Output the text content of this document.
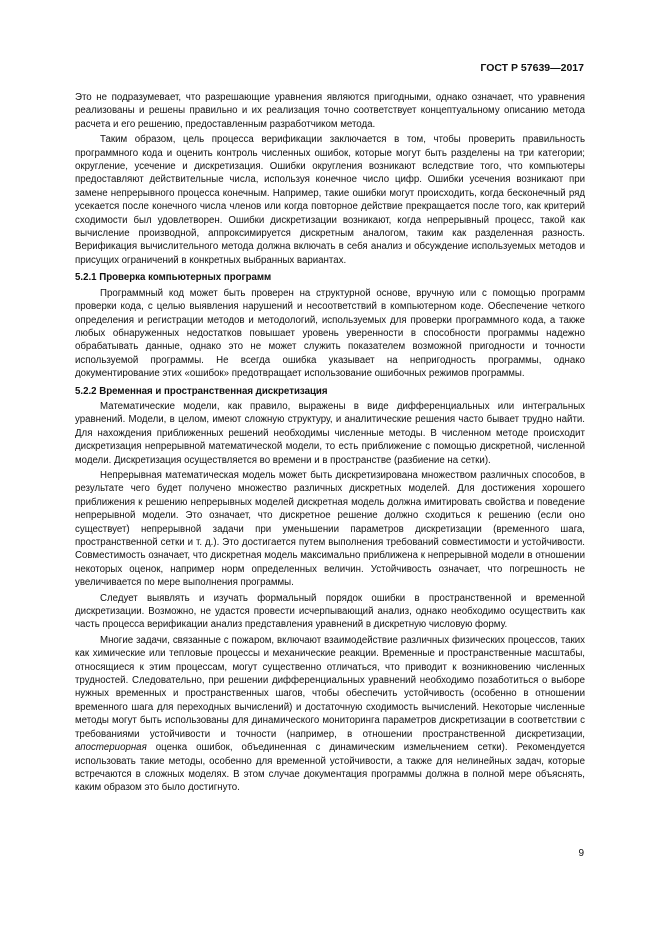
ГОСТ Р 57639—2017

Это не подразумевает, что разрешающие уравнения являются пригодными, однако означает, что уравнения реализованы и решены правильно и их реализация точно соответствует концептуальному описанию метода расчета и его решению, предоставленным разработчиком метода.

Таким образом, цель процесса верификации заключается в том, чтобы проверить правильность программного кода и оценить контроль численных ошибок, которые могут быть разделены на три категории; округление, усечение и дискретизация. Ошибки округления возникают вследствие того, что компьютеры предоставляют действительные числа, используя конечное число цифр. Ошибки усечения возникают при замене непрерывного процесса конечным. Например, такие ошибки могут происходить, когда бесконечный ряд усекается после конечного числа членов или когда повторное действие прекращается после того, как критерий сходимости был удовлетворен. Ошибки дискретизации возникают, когда непрерывный процесс, такой как вычисление производной, аппроксимируется дискретным аналогом, таким как разделенная разность. Верификация вычислительного метода должна включать в себя анализ и обсуждение используемых методов и присущих ограничений в конкретных выбранных вариантах.

5.2.1 Проверка компьютерных программ

Программный код может быть проверен на структурной основе, вручную или с помощью программ проверки кода, с целью выявления нарушений и несоответствий в компьютерном коде. Обеспечение четкого определения и регистрации методов и методологий, используемых для проверки программного кода, а также любых обнаруженных недостатков повышает уровень уверенности в способности программы надежно обрабатывать данные, однако это не может служить показателем возможной пригодности и точности используемой программы. Не всегда ошибка указывает на непригодность программы, однако документирование этих «ошибок» предотвращает использование ошибочных режимов программы.

5.2.2 Временная и пространственная дискретизация

Математические модели, как правило, выражены в виде дифференциальных или интегральных уравнений. Модели, в целом, имеют сложную структуру, и аналитические решения часто бывает трудно найти. Для нахождения приближенных решений необходимы численные методы. В численном методе происходит дискретизация непрерывной математической модели, то есть приближение с помощью дискретной, численной модели. Дискретизация осуществляется во времени и в пространстве (разбиение на сетки).

Непрерывная математическая модель может быть дискретизирована множеством различных способов, в результате чего будет получено множество различных дискретных моделей. Для достижения хорошего приближения к решению непрерывных моделей дискретная модель должна имитировать свойства и поведение непрерывной модели. Это означает, что дискретное решение должно сходиться к решению (если оно существует) непрерывной задачи при уменьшении параметров дискретизации (временного шага, пространственной сетки и т. д.). Это достигается путем выполнения требований совместимости и устойчивости. Совместимость означает, что дискретная модель максимально приближена к непрерывной модели в отношении некоторых оценок, например норм определенных величин. Устойчивость означает, что погрешность не увеличивается по мере выполнения программы.

Следует выявлять и изучать формальный порядок ошибки в пространственной и временной дискретизации. Возможно, не удастся провести исчерпывающий анализ, однако необходимо осуществить как часть процесса верификации анализ представления уравнений в дискретную числовую форму.

Многие задачи, связанные с пожаром, включают взаимодействие различных физических процессов, таких как химические или тепловые процессы и механические реакции. Временные и пространственные масштабы, относящиеся к этим процессам, могут существенно отличаться, что приводит к возникновению численных трудностей. Следовательно, при решении дифференциальных уравнений необходимо позаботиться о выборе нужных временных и пространственных шагов, чтобы обеспечить устойчивость (особенно в отношении временного шага для переходных вычислений) и достаточную сходимость вычислений. Некоторые численные методы могут быть использованы для динамического мониторинга параметров дискретизации в соответствии с требованиями устойчивости и точности (например, в отношении пространственной дискретизации, апостериорная оценка ошибок, объединенная с динамическим измельчением сетки). Рекомендуется использовать такие методы, особенно для временной устойчивости, а также для нелинейных задач, которые встречаются в сложных моделях. В этом случае документация программы должна в полной мере объяснять, каким образом это было достигнуто.

9
